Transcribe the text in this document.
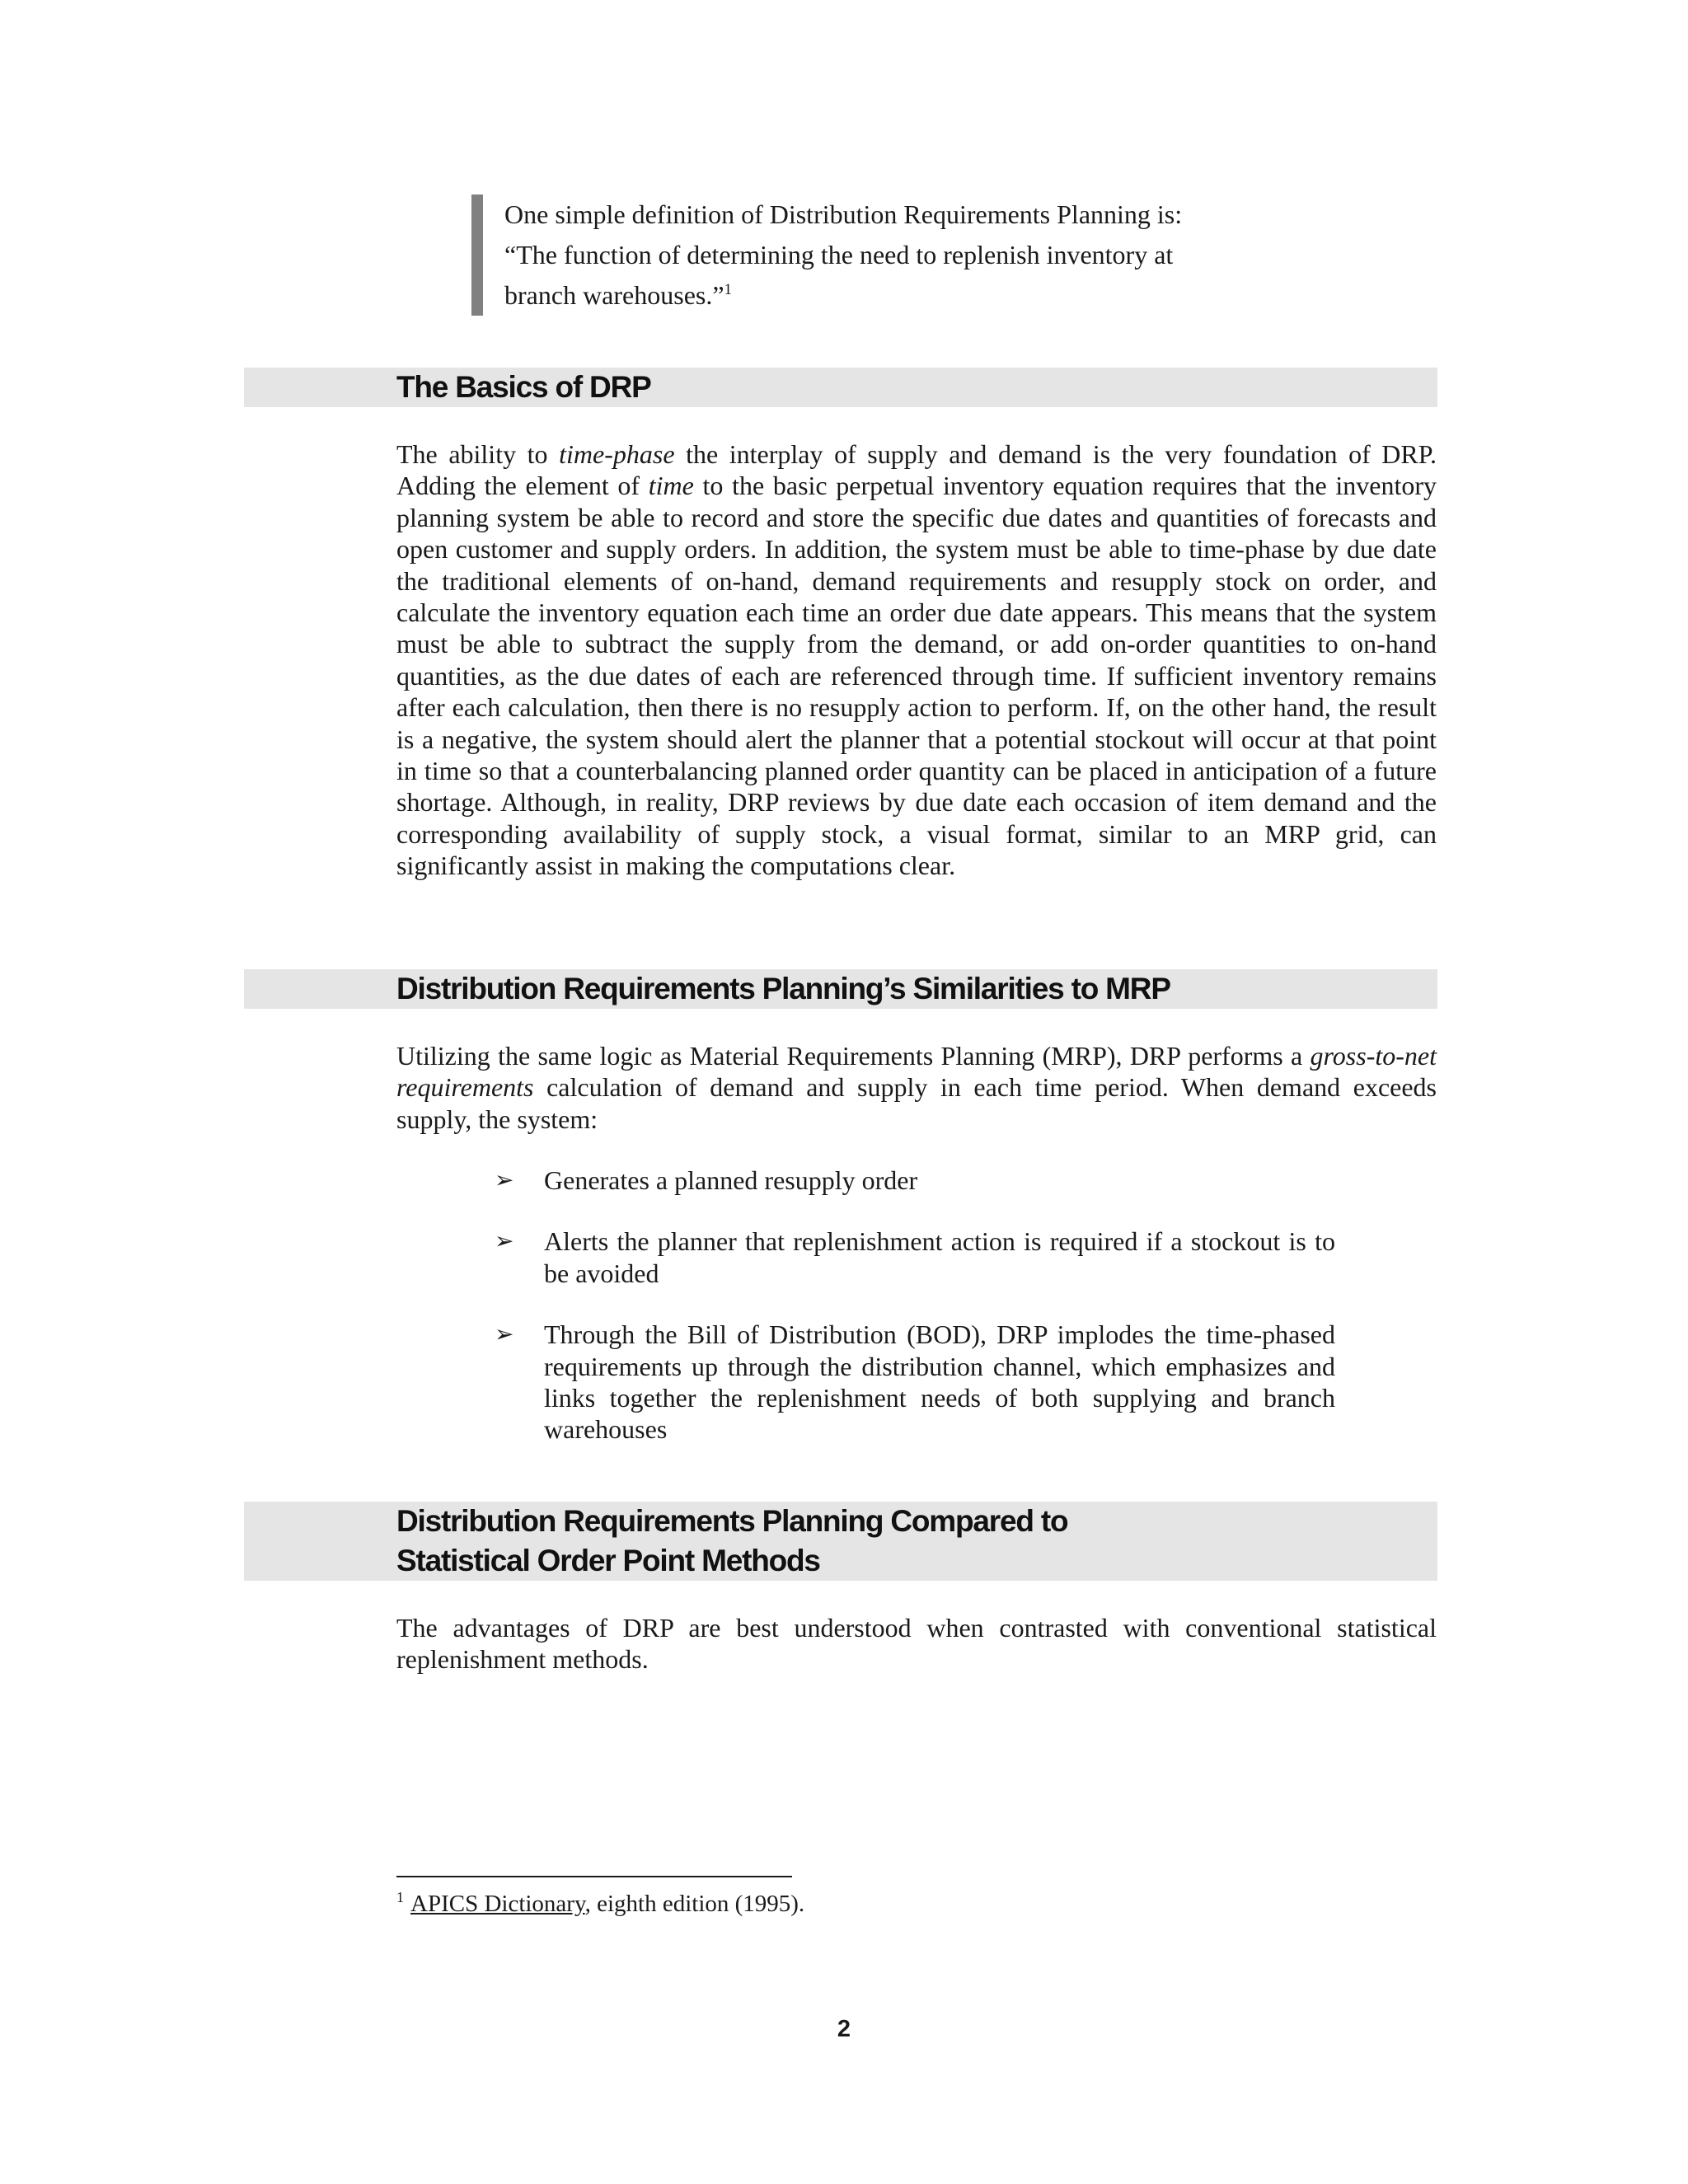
One simple definition of Distribution Requirements Planning is:

“The function of determining the need to replenish inventory at

branch warehouses.”$^1$

The Basics of DRP

The ability to time-phase the interplay of supply and demand is the very foundation of DRP. Adding the element of time to the basic perpetual inventory equation requires that the inventory planning system be able to record and store the specific due dates and quantities of forecasts and open customer and supply orders. In addition, the system must be able to time-phase by due date the traditional elements of on-hand, demand requirements and resupply stock on order, and calculate the inventory equation each time an order due date appears. This means that the system must be able to subtract the supply from the demand, or add on-order quantities to on-hand quantities, as the due dates of each are referenced through time. If sufficient inventory remains after each calculation, then there is no resupply action to perform. If, on the other hand, the result is a negative, the system should alert the planner that a potential stockout will occur at that point in time so that a counterbalancing planned order quantity can be placed in anticipation of a future shortage. Although, in reality, DRP reviews by due date each occasion of item demand and the corresponding availability of supply stock, a visual format, similar to an MRP grid, can significantly assist in making the computations clear.

Distribution Requirements Planning’s Similarities to MRP

Utilizing the same logic as Material Requirements Planning (MRP), DRP performs a gross-to-net requirements calculation of demand and supply in each time period. When demand exceeds supply, the system:

➢ Generates a planned resupply order
➢ Alerts the planner that replenishment action is required if a stockout is to be avoided
➢ Through the Bill of Distribution (BOD), DRP implodes the time-phased requirements up through the distribution channel, which emphasizes and links together the replenishment needs of both supplying and branch warehouses
Distribution Requirements Planning Compared to
Statistical Order Point Methods

The advantages of DRP are best understood when contrasted with conventional statistical replenishment methods.

$^1$ APICS Dictionary, eighth edition (1995).

2
